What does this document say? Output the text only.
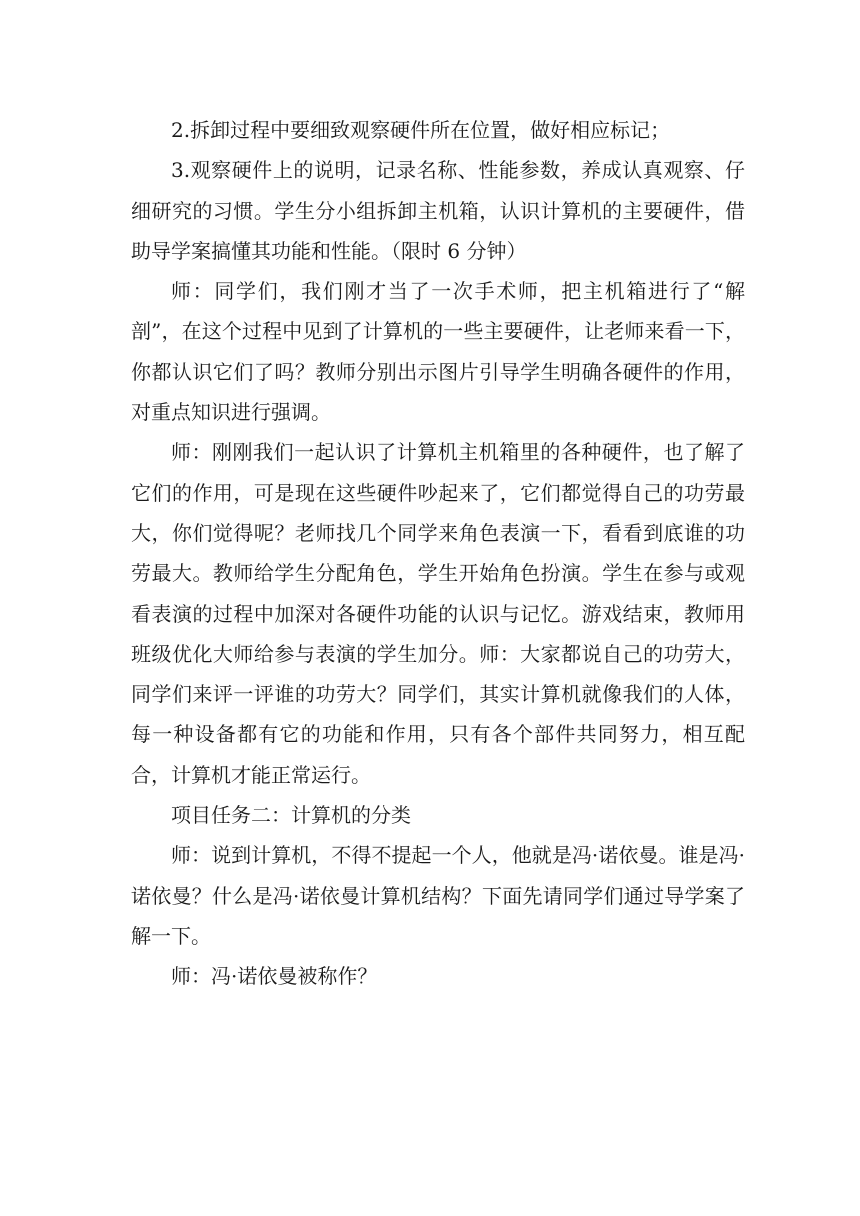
2.拆卸过程中要细致观察硬件所在位置，做好相应标记；

3.观察硬件上的说明，记录名称、性能参数，养成认真观察、仔细研究的习惯。学生分小组拆卸主机箱，认识计算机的主要硬件，借助导学案搞懂其功能和性能。（限时 6 分钟）

师：同学们，我们刚才当了一次手术师，把主机箱进行了“解剖”，在这个过程中见到了计算机的一些主要硬件，让老师来看一下，你都认识它们了吗？教师分别出示图片引导学生明确各硬件的作用，对重点知识进行强调。

师：刚刚我们一起认识了计算机主机箱里的各种硬件，也了解了它们的作用，可是现在这些硬件吵起来了，它们都觉得自己的功劳最大，你们觉得呢？老师找几个同学来角色表演一下，看看到底谁的功劳最大。教师给学生分配角色，学生开始角色扮演。学生在参与或观看表演的过程中加深对各硬件功能的认识与记忆。游戏结束，教师用班级优化大师给参与表演的学生加分。师：大家都说自己的功劳大，同学们来评一评谁的功劳大？同学们，其实计算机就像我们的人体，每一种设备都有它的功能和作用，只有各个部件共同努力，相互配合，计算机才能正常运行。

项目任务二：计算机的分类

师：说到计算机，不得不提起一个人，他就是冯·诺依曼。谁是冯·诺依曼？什么是冯·诺依曼计算机结构？下面先请同学们通过导学案了解一下。

师：冯·诺依曼被称作？
